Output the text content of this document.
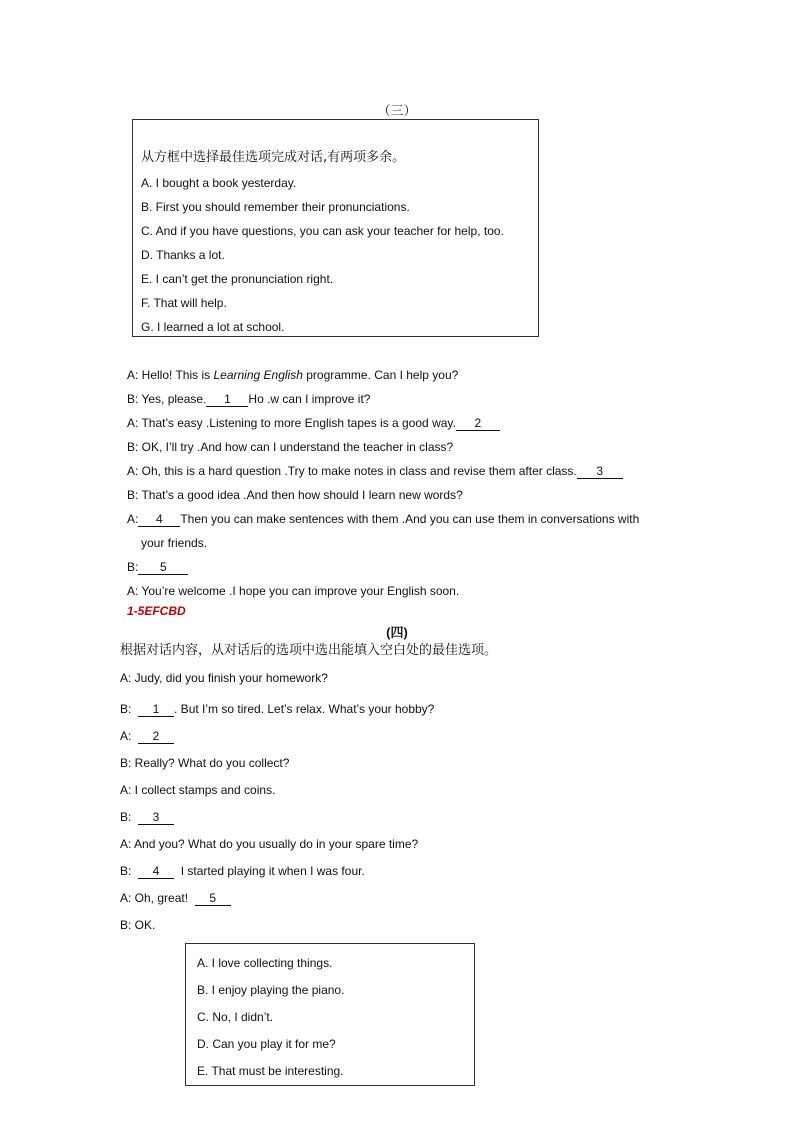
（三）
从方框中选择最佳选项完成对话,有两项多余。
A. I bought a book yesterday.
B. First you should remember their pronunciations.
C. And if you have questions, you can ask your teacher for help, too.
D. Thanks a lot.
E. I can’t get the pronunciation right.
F. That will help.
G. I learned a lot at school.
A: Hello! This is Learning English programme. Can I help you?
B: Yes, please. 1 Ho .w can I improve it?
A: That’s easy .Listening to more English tapes is a good way. 2
B: OK, I’ll try .And how can I understand the teacher in class?
A: Oh, this is a hard question .Try to make notes in class and revise them after class. 3
B: That’s a good idea .And then how should I learn new words?
A: 4 Then you can make sentences with them .And you can use them in conversations with
your friends.
B: 5
A: You’re welcome .I hope you can improve your English soon.
1-5EFCBD
(四)
根据对话内容，从对话后的选项中选出能填入空白处的最佳选项。
A: Judy, did you finish your homework?
B: 1 . But I’m so tired. Let’s relax. What’s your hobby?
A: 2
B: Really? What do you collect?
A: I collect stamps and coins.
B: 3
A: And you? What do you usually do in your spare time?
B: 4 I started playing it when I was four.
A: Oh, great! 5
B: OK.
A. I love collecting things.
B. I enjoy playing the piano.
C. No, I didn’t.
D. Can you play it for me?
E. That must be interesting.
